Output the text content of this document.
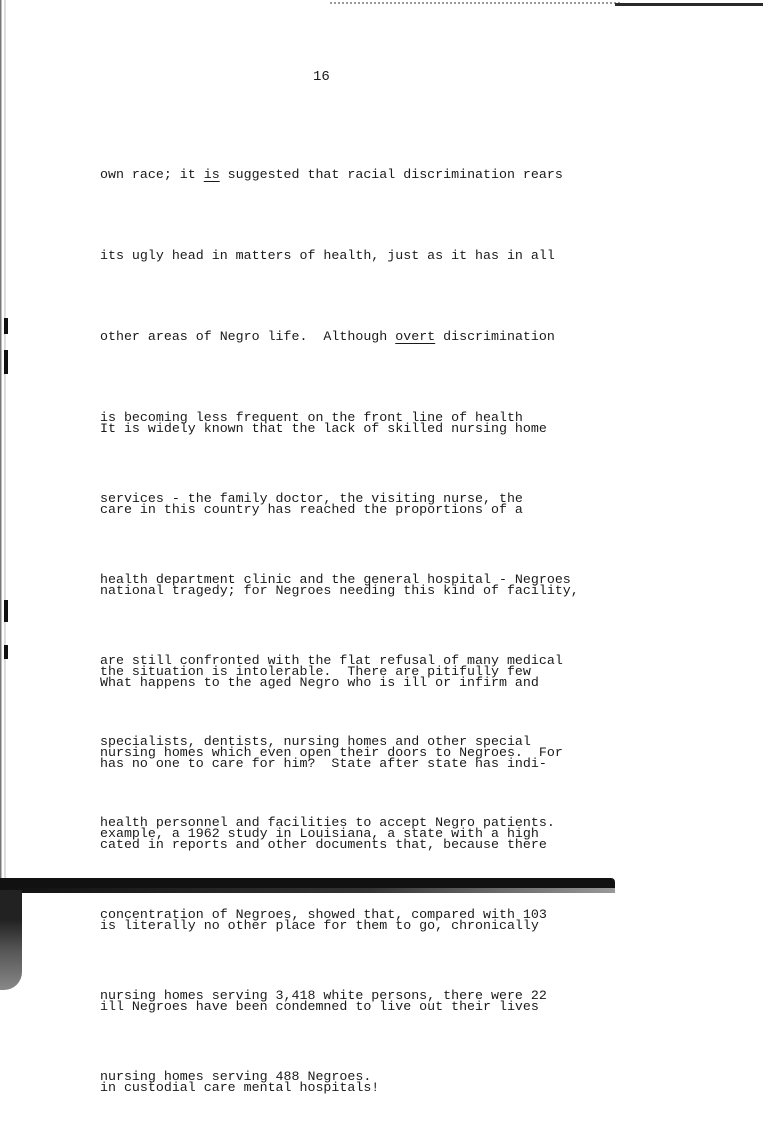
16

own race; it is suggested that racial discrimination rears

its ugly head in matters of health, just as it has in all

other areas of Negro life.  Although overt discrimination

is becoming less frequent on the front line of health

services - the family doctor, the visiting nurse, the

health department clinic and the general hospital - Negroes

are still confronted with the flat refusal of many medical

specialists, dentists, nursing homes and other special

health personnel and facilities to accept Negro patients.

It is widely known that the lack of skilled nursing home

care in this country has reached the proportions of a

national tragedy; for Negroes needing this kind of facility,

the situation is intolerable.  There are pitifully few

nursing homes which even open their doors to Negroes.  For

example, a 1962 study in Louisiana, a state with a high

concentration of Negroes, showed that, compared with 103

nursing homes serving 3,418 white persons, there were 22

nursing homes serving 488 Negroes.

What happens to the aged Negro who is ill or infirm and

has no one to care for him?  State after state has indi-

cated in reports and other documents that, because there

is literally no other place for them to go, chronically

ill Negroes have been condemned to live out their lives

in custodial care mental hospitals!
